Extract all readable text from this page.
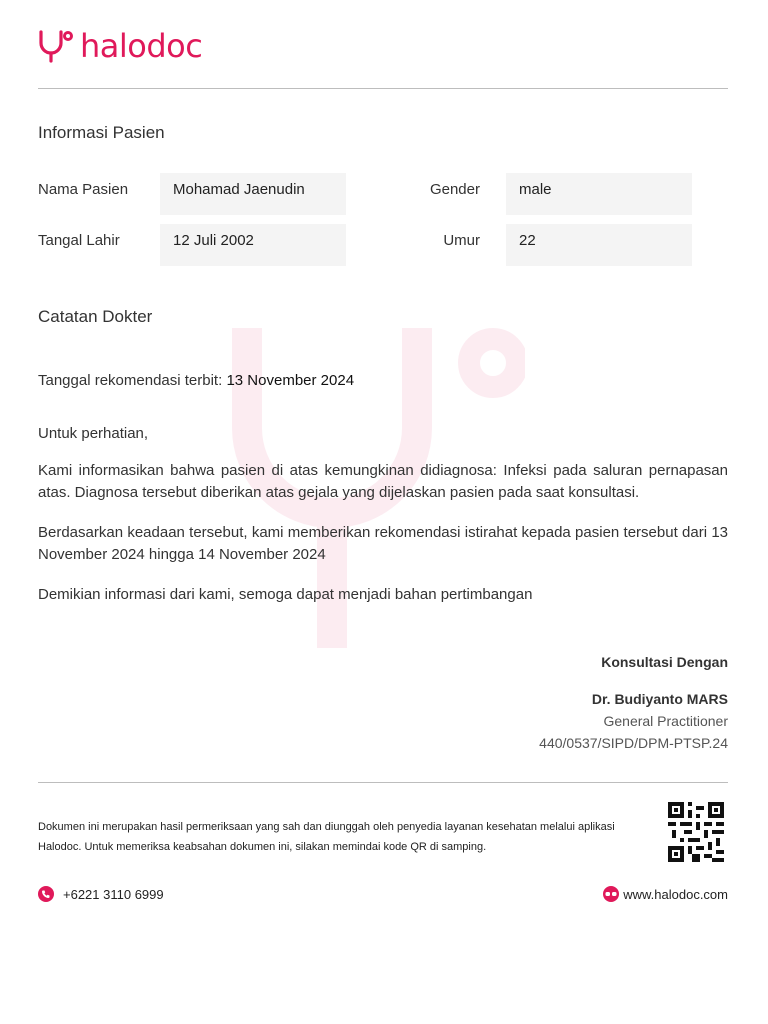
halodoc
Informasi Pasien
Nama Pasien	Mohamad Jaenudin	Gender	male
Tangal Lahir	12 Juli 2002	Umur	22
Catatan Dokter
Tanggal rekomendasi terbit: 13 November 2024
Untuk perhatian,
Kami informasikan bahwa pasien di atas kemungkinan didiagnosa: Infeksi pada saluran pernapasan atas. Diagnosa tersebut diberikan atas gejala yang dijelaskan pasien pada saat konsultasi.
Berdasarkan keadaan tersebut, kami memberikan rekomendasi istirahat kepada pasien tersebut dari 13 November 2024 hingga 14 November 2024
Demikian informasi dari kami, semoga dapat menjadi bahan pertimbangan
Konsultasi Dengan
Dr. Budiyanto MARS
General Practitioner
440/0537/SIPD/DPM-PTSP.24
Dokumen ini merupakan hasil permeriksaan yang sah dan diunggah oleh penyedia layanan kesehatan melalui aplikasi Halodoc. Untuk memeriksa keabsahan dokumen ini, silakan memindai kode QR di samping.
+6221 3110 6999	www.halodoc.com
